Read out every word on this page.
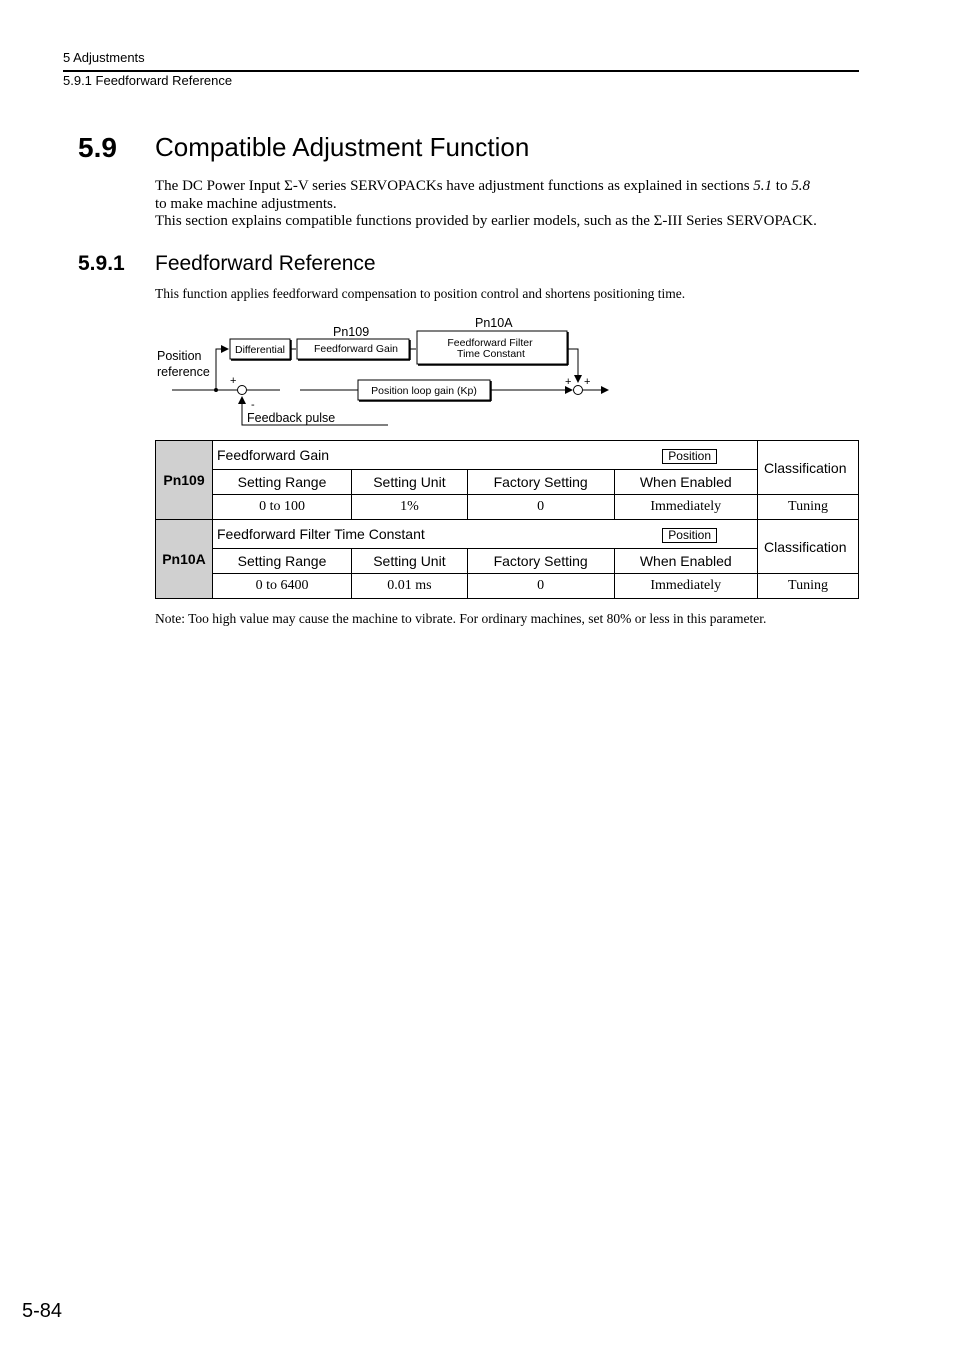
5 Adjustments
5.9.1 Feedforward Reference
5.9 Compatible Adjustment Function
The DC Power Input Σ-V series SERVOPACKs have adjustment functions as explained in sections 5.1 to 5.8
to make machine adjustments.
This section explains compatible functions provided by earlier models, such as the Σ-III Series SERVOPACK.
5.9.1 Feedforward Reference
This function applies feedforward compensation to position control and shortens positioning time.
Pn109
Pn10A
Position
reference
Differential	Feedforward Gain	Feedforward Filter
Time Constant
+
-
Position loop gain (Kp)
+ +
Feedback pulse
Pn109	Feedforward Gain			Position	Classification
	Setting Range	Setting Unit	Factory Setting	When Enabled	
	0 to 100	1%	0	Immediately	Tuning
Pn10A	Feedforward Filter Time Constant			Position	Classification
	Setting Range	Setting Unit	Factory Setting	When Enabled	
	0 to 6400	0.01 ms	0	Immediately	Tuning
Note: Too high value may cause the machine to vibrate. For ordinary machines, set 80% or less in this parameter.
5-84
